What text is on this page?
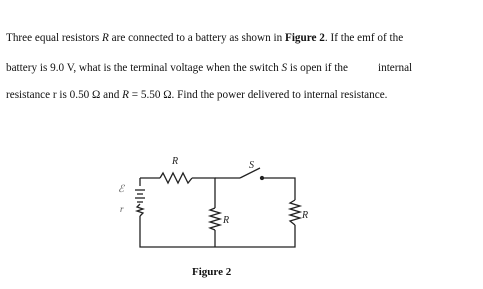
Three equal resistors R are connected to a battery as shown in Figure 2. If the emf of the
battery is 9.0 V, what is the terminal voltage when the switch S is open if the	internal
resistance r is 0.50 Ω and R = 5.50 Ω. Find the power delivered to internal resistance.
R	S
R	R
ℰ
r
Figure 2
